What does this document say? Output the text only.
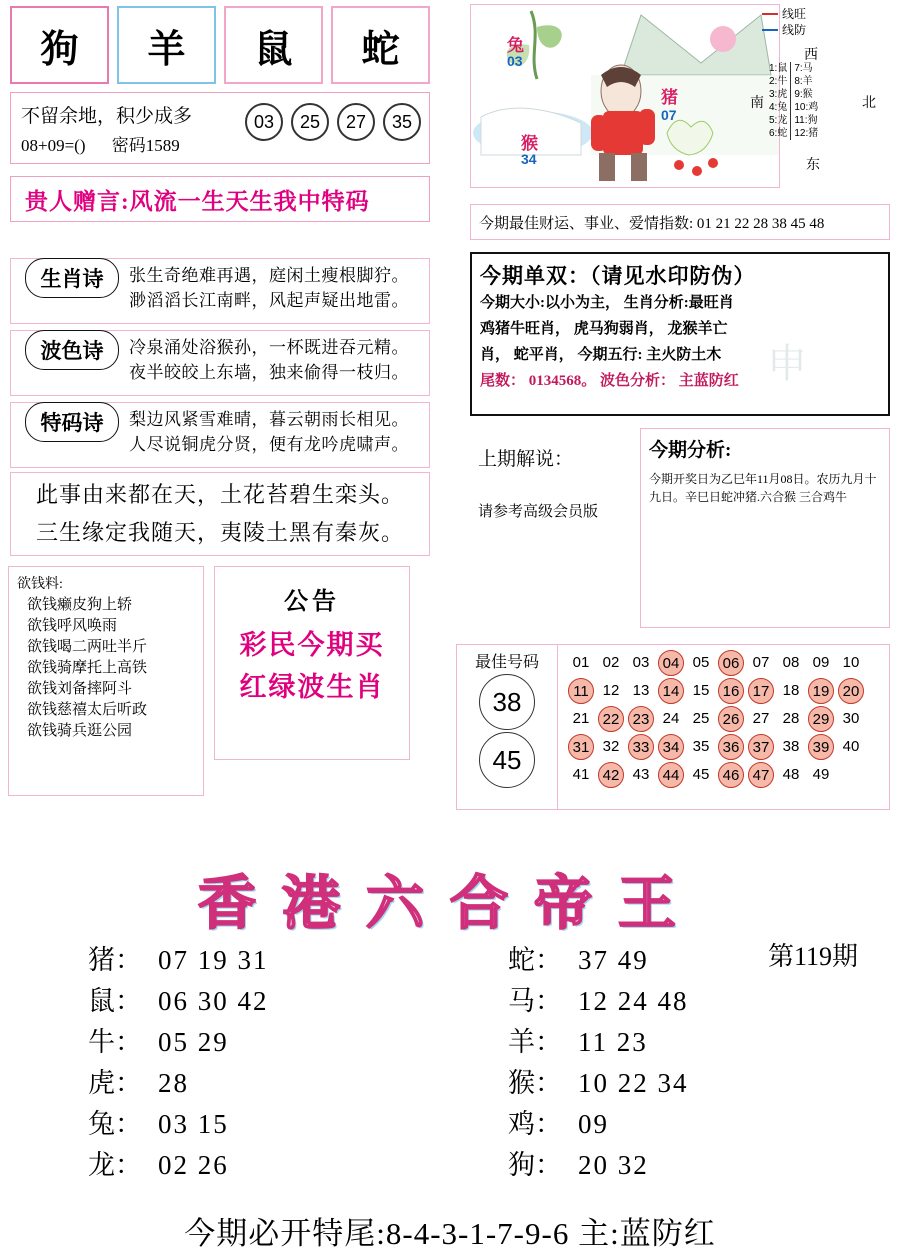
狗	羊	鼠	蛇
不留余地，积少成多
08+09=() 密码1589
03	25	27	35
贵人赠言:风流一生天生我中特码
生肖诗	张生奇绝难再遇，庭闲土瘦根脚狞。
渺滔滔长江南畔，风起声疑出地雷。
波色诗	冷泉涌处浴猴孙，一杯既进吞元精。
夜半皎皎上东墙，独来偷得一枝归。
特码诗	梨边风紧雪难晴，暮云朝雨长相见。
人尽说铜虎分贤，便有龙吟虎啸声。
此事由来都在天，土花苔碧生栾头。
三生缘定我随天，夷陵土黑有秦灰。
欲钱料:
欲钱癞皮狗上轿
欲钱呼风唤雨
欲钱喝二两吐半斤
欲钱骑摩托上高铁
欲钱刘备摔阿斗
欲钱慈禧太后听政
欲钱骑兵逛公园
公告
彩民今期买
红绿波生肖
兔
03
猴
34
猪
07
线旺
线防
西
南	北
东
1:鼠	7:马
2:牛	8:羊
3:虎	9:猴
4:兔	10:鸡
5:龙	11:狗
6:蛇	12:猪
今期最佳财运、事业、爱情指数: 01 21 22 28 38 45 48
今期单双：（请见水印防伪）
今期大小:以小为主， 生肖分析:最旺肖
鸡猪牛旺肖， 虎马狗弱肖， 龙猴羊亡
肖， 蛇平肖， 今期五行: 主火防土木
尾数： 0134568。 波色分析： 主蓝防红 申
上期解说：
请参考高级会员版
今期分析:
今期开奖日为乙巳年11月08日。农历九月十九日。辛巳日蛇冲猪.六合猴 三合鸡牛
最佳号码
38
45
01 02 03 04 05 06 07 08 09 10
11 12 13 14 15 16 17 18 19 20
21 22 23 24 25 26 27 28 29 30
31 32 33 34 35 36 37 38 39 40
41 42 43 44 45 46 47 48 49
香港六合帝王
第119期
猪： 07 19 31
鼠： 06 30 42
牛： 05 29
虎： 28
兔： 03 15
龙： 02 26
蛇： 37 49
马： 12 24 48
羊： 11 23
猴： 10 22 34
鸡： 09
狗： 20 32
今期必开特尾:8-4-3-1-7-9-6 主:蓝防红
